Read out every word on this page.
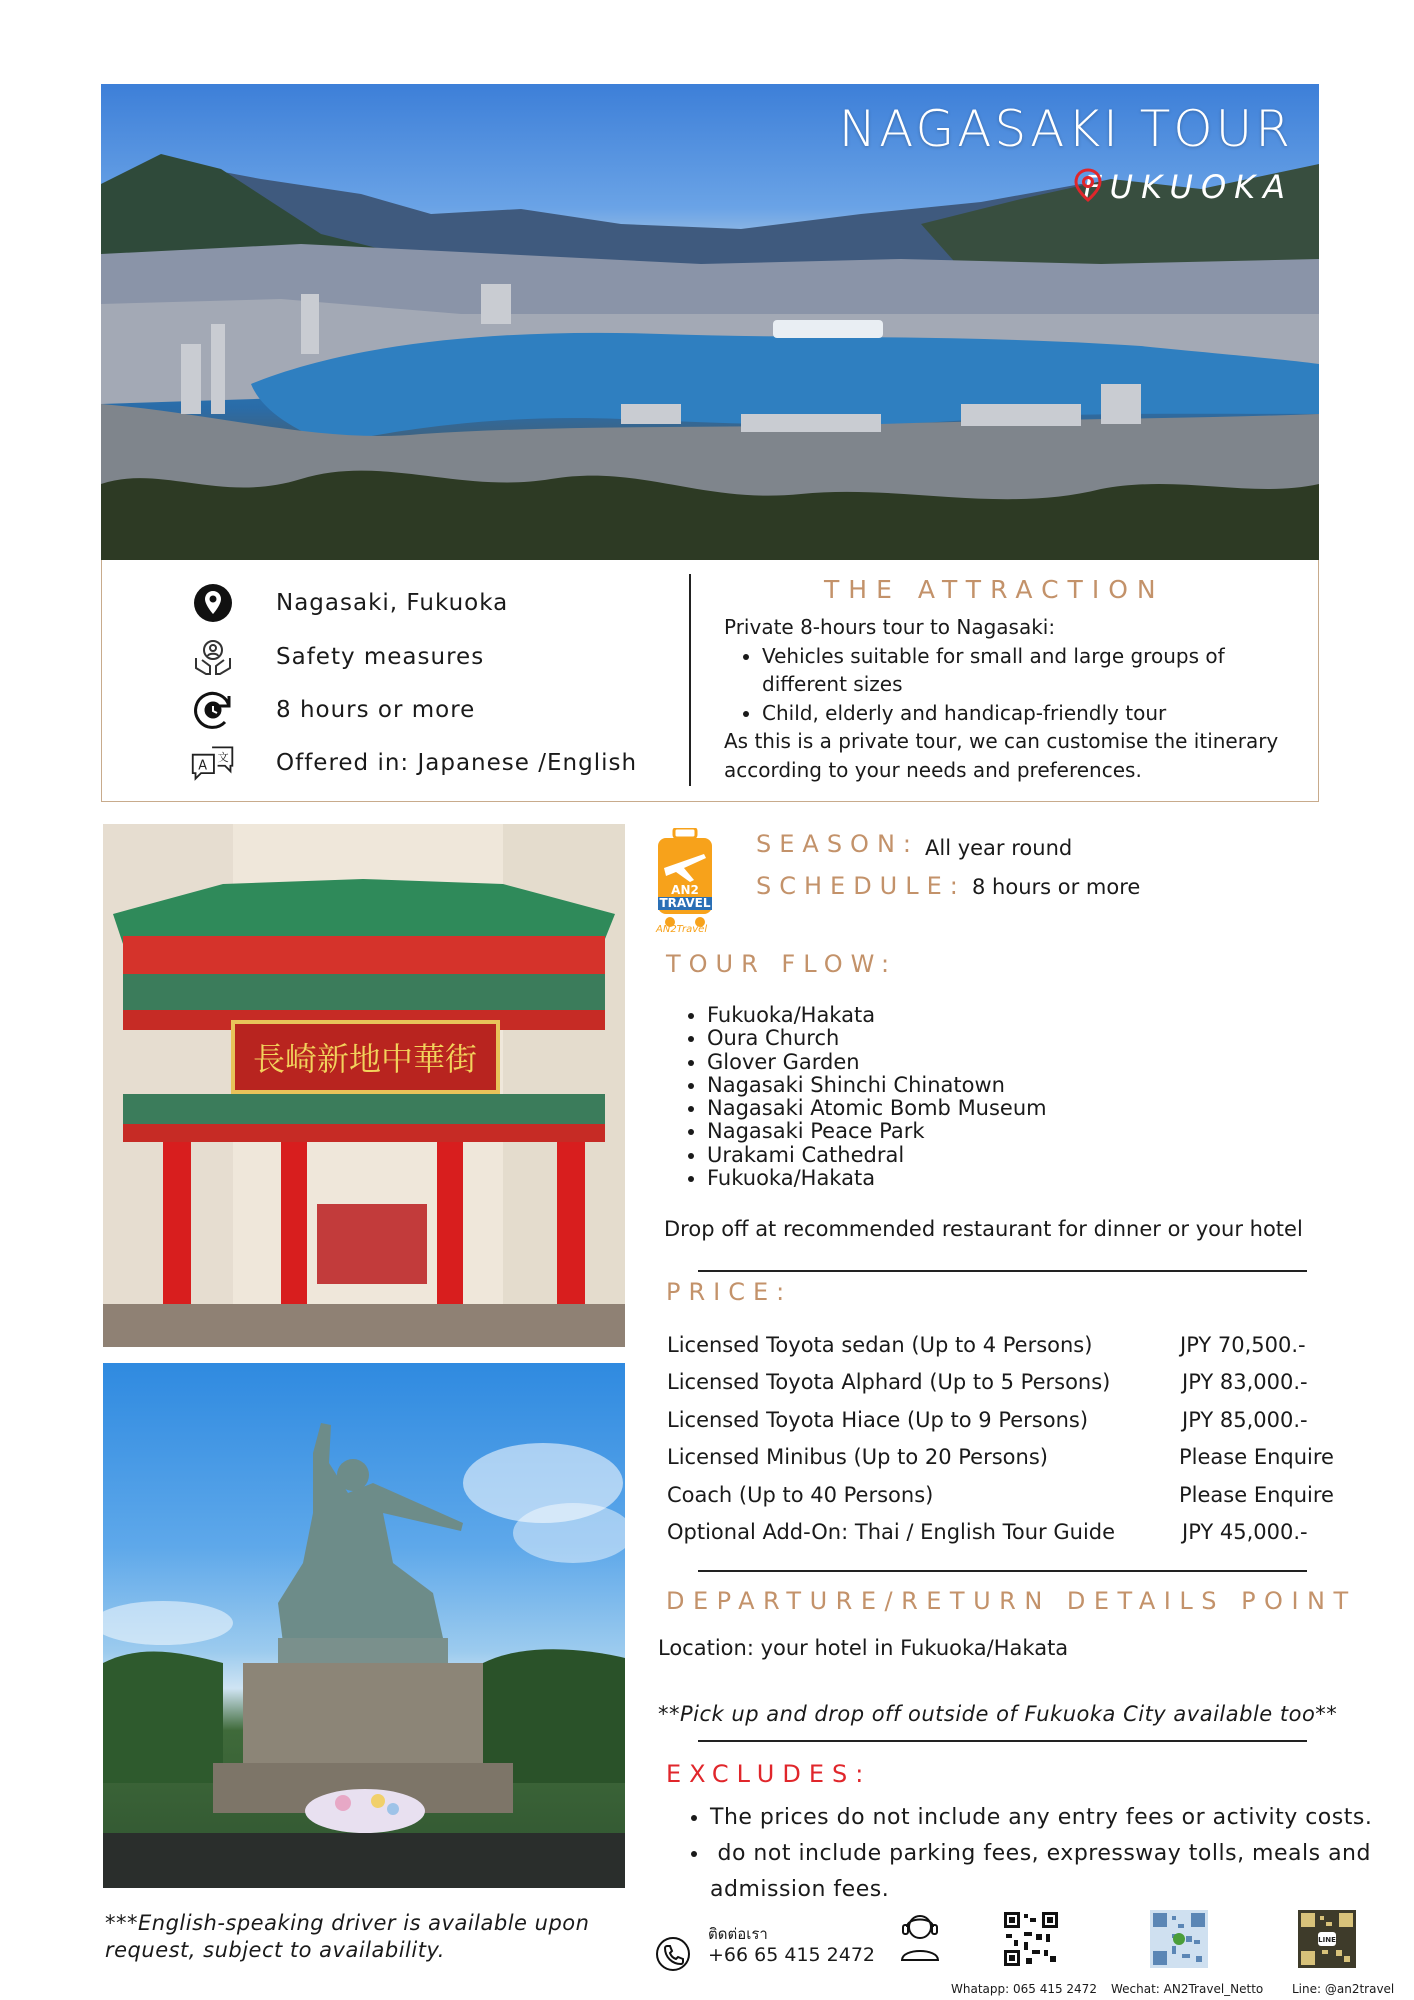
NAGASAKI TOUR
FUKUOKA
Nagasaki, Fukuoka
Safety measures
8 hours or more
A
文 Offered in: Japanese /English
THE ATTRACTION
Private 8-hours tour to Nagasaki:
• Vehicles suitable for small and large groups of different sizes
• Child, elderly and handicap-friendly tour
As this is a private tour, we can customise the itinerary according to your needs and preferences.
長崎新地中華街
AN2
TRAVEL
AN2Travel
SEASON: All year round
SCHEDULE: 8 hours or more
TOUR FLOW:
• Fukuoka/Hakata
• Oura Church
• Glover Garden
• Nagasaki Shinchi Chinatown
• Nagasaki Atomic Bomb Museum
• Nagasaki Peace Park
• Urakami Cathedral
• Fukuoka/Hakata
Drop off at recommended restaurant for dinner or your hotel
PRICE:
Licensed Toyota sedan (Up to 4 Persons)	JPY 70,500.-
Licensed Toyota Alphard (Up to 5 Persons)	JPY 83,000.-
Licensed Toyota Hiace (Up to 9 Persons)	JPY 85,000.-
Licensed Minibus (Up to 20 Persons)	Please Enquire
Coach (Up to 40 Persons)	Please Enquire
Optional Add-On: Thai / English Tour Guide	JPY 45,000.-
DEPARTURE/RETURN DETAILS POINT
Location: your hotel in Fukuoka/Hakata
**Pick up and drop off outside of Fukuoka City available too**
EXCLUDES:
• The prices do not include any entry fees or activity costs.
•  do not include parking fees, expressway tolls, meals and admission fees.
***English-speaking driver is available upon request, subject to availability.
ติดต่อเรา
+66 65 415 2472
LINE
Whatapp: 065 415 2472 Wechat: AN2Travel_Netto Line: @an2travel
